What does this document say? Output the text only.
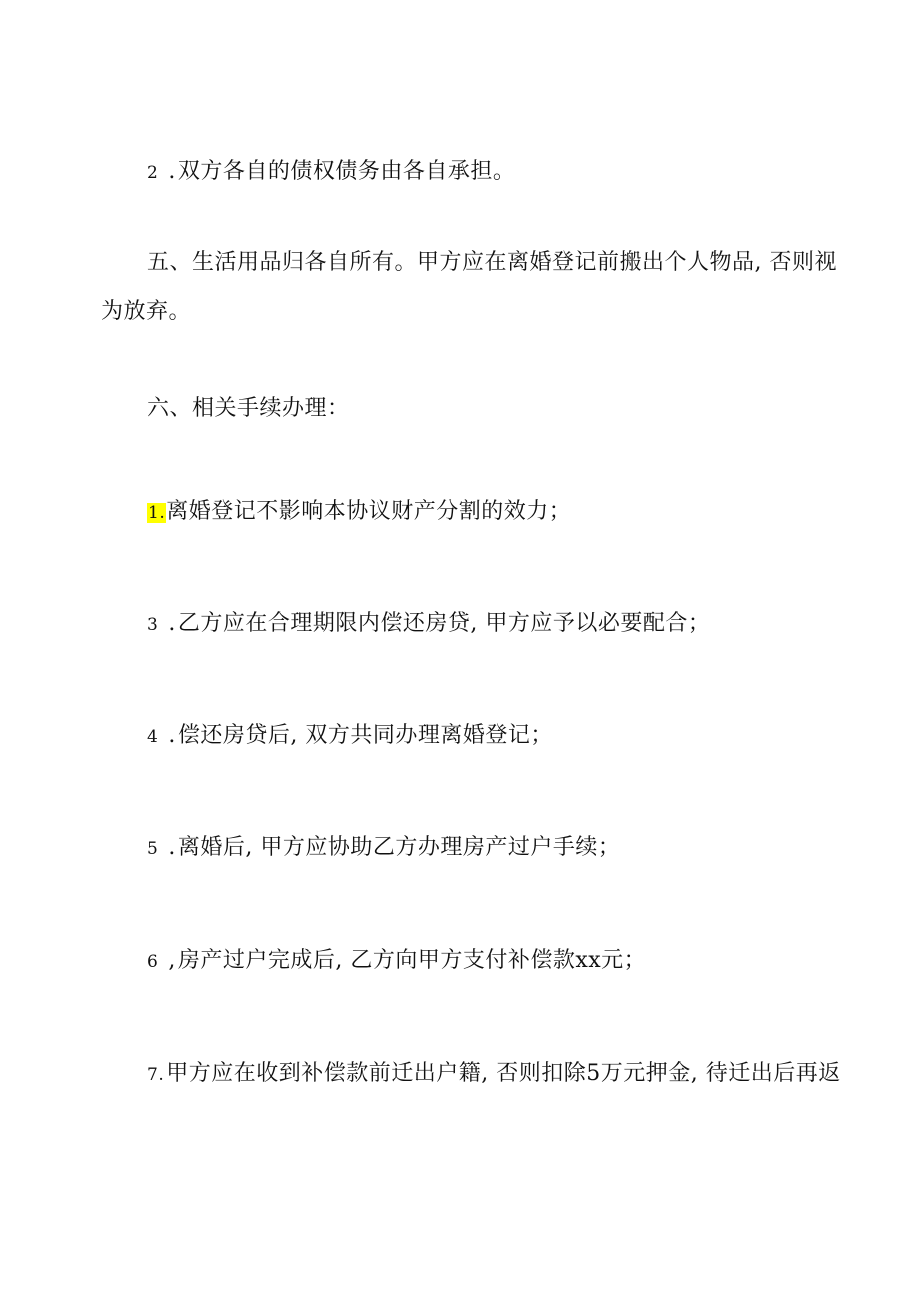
2 .双方各自的债权债务由各自承担。
五、生活用品归各自所有。甲方应在离婚登记前搬出个人物品, 否则视
为放弃。
六、相关手续办理：
1.离婚登记不影响本协议财产分割的效力；
3 .乙方应在合理期限内偿还房贷, 甲方应予以必要配合；
4 .偿还房贷后, 双方共同办理离婚登记；
5 .离婚后, 甲方应协助乙方办理房产过户手续；
6 ,房产过户完成后, 乙方向甲方支付补偿款xx元；
7.甲方应在收到补偿款前迁出户籍, 否则扣除5万元押金, 待迁出后再返
